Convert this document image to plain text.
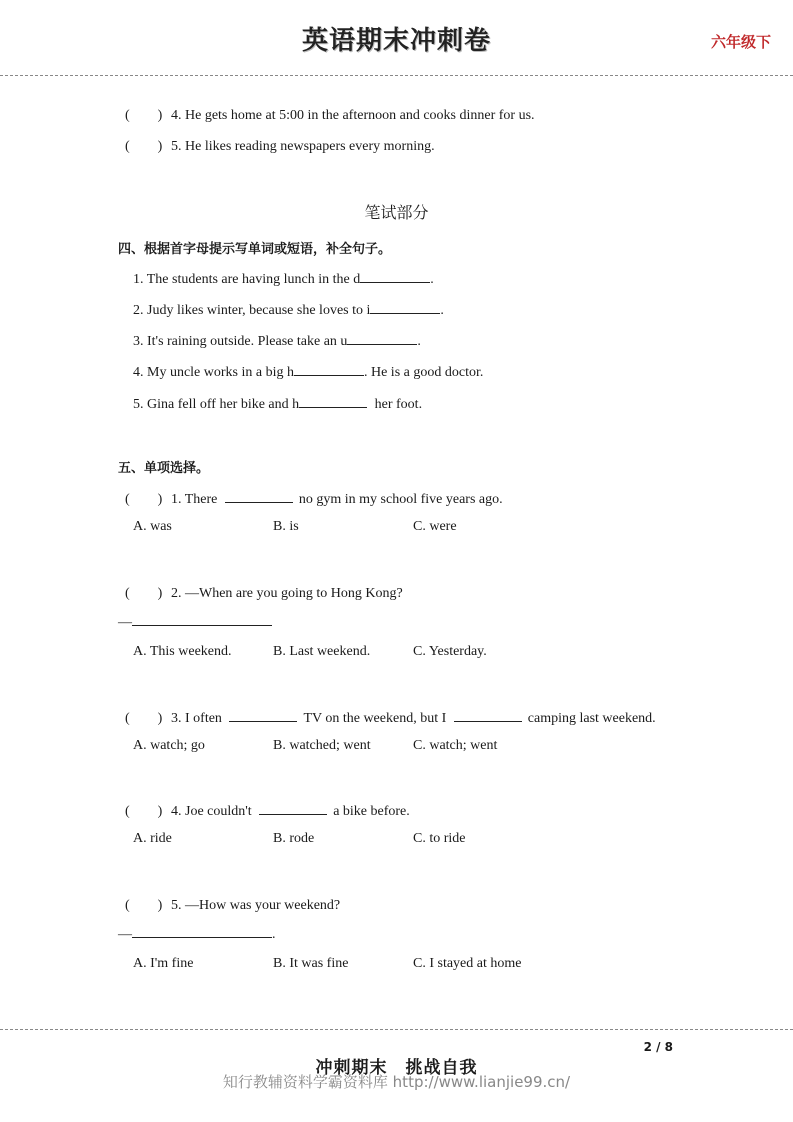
英语期末冲刺卷	六年级下
(　　) 4. He gets home at 5:00 in the afternoon and cooks dinner for us.
(　　) 5. He likes reading newspapers every morning.
笔试部分
四、根据首字母提示写单词或短语，补全句子。
1. The students are having lunch in the d	.
2. Judy likes winter, because she loves to i	.
3. It's raining outside. Please take an u	.
4. My uncle works in a big h	. He is a good doctor.
5. Gina fell off her bike and h	her foot.
五、单项选择。
(　　) 1. There	no gym in my school five years ago.
A. was	B. is	C. were
(　　) 2. —When are you going to Hong Kong?
—
A. This weekend.	B. Last weekend.	C. Yesterday.
(　　) 3. I often	TV on the weekend, but I	camping last weekend.
A. watch; go	B. watched; went	C. watch; went
(　　) 4. Joe couldn't	a bike before.
A. ride	B. rode	C. to ride
(　　) 5. —How was your weekend?
—	.
A. I'm fine	B. It was fine	C. I stayed at home
2 / 8
冲刺期末　挑战自我
知行教辅资料学霸资料库 http://www.lianjie99.cn/
